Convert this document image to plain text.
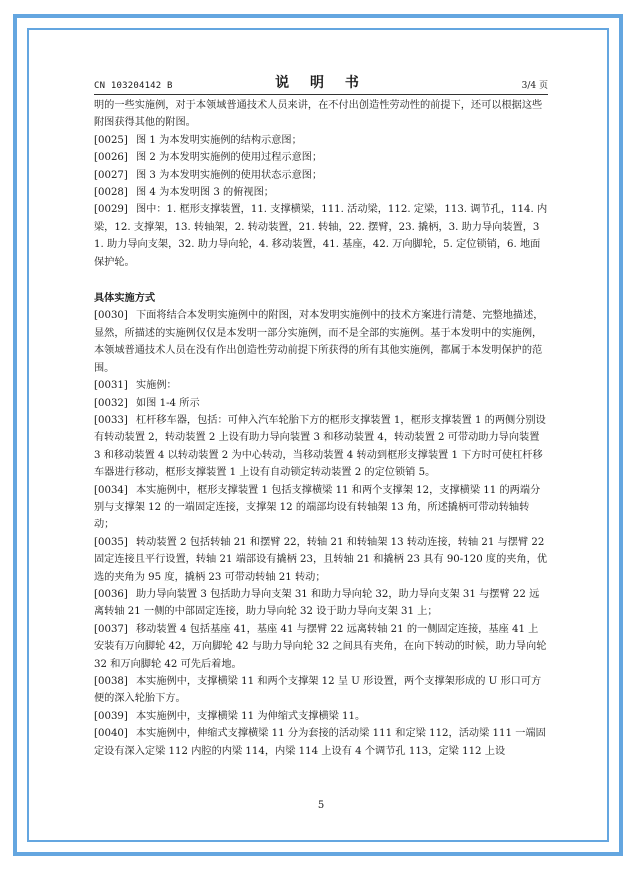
CN 103204142 B	说 明 书	3/4 页

明的一些实施例，对于本领域普通技术人员来讲，在不付出创造性劳动性的前提下，还可以根据这些附图获得其他的附图。

[0025] 图 1 为本发明实施例的结构示意图；

[0026] 图 2 为本发明实施例的使用过程示意图；

[0027] 图 3 为本发明实施例的使用状态示意图；

[0028] 图 4 为本发明图 3 的俯视图；

[0029] 图中：1. 框形支撑装置，11. 支撑横梁，111. 活动梁，112. 定梁，113. 调节孔，114. 内梁，12. 支撑架，13. 转轴架，2. 转动装置，21. 转轴，22. 摆臂，23. 撬柄，3. 助力导向装置，31. 助力导向支架，32. 助力导向轮，4. 移动装置，41. 基座，42. 万向脚轮，5. 定位锁销，6. 地面保护轮。

具体实施方式

[0030] 下面将结合本发明实施例中的附图，对本发明实施例中的技术方案进行清楚、完整地描述，显然，所描述的实施例仅仅是本发明一部分实施例，而不是全部的实施例。基于本发明中的实施例，本领域普通技术人员在没有作出创造性劳动前提下所获得的所有其他实施例，都属于本发明保护的范围。

[0031] 实施例：

[0032] 如图 1-4 所示

[0033] 杠杆移车器，包括：可伸入汽车轮胎下方的框形支撑装置 1，框形支撑装置 1 的两侧分别设有转动装置 2，转动装置 2 上设有助力导向装置 3 和移动装置 4，转动装置 2 可带动助力导向装置 3 和移动装置 4 以转动装置 2 为中心转动，当移动装置 4 转动到框形支撑装置 1 下方时可使杠杆移车器进行移动，框形支撑装置 1 上设有自动锁定转动装置 2 的定位锁销 5。

[0034] 本实施例中，框形支撑装置 1 包括支撑横梁 11 和两个支撑架 12，支撑横梁 11 的两端分别与支撑架 12 的一端固定连接，支撑架 12 的端部均设有转轴架 13 角，所述撬柄可带动转轴转动；

[0035] 转动装置 2 包括转轴 21 和摆臂 22，转轴 21 和转轴架 13 转动连接，转轴 21 与摆臂 22 固定连接且平行设置，转轴 21 端部设有撬柄 23，且转轴 21 和撬柄 23 具有 90-120 度的夹角，优选的夹角为 95 度，撬柄 23 可带动转轴 21 转动；

[0036] 助力导向装置 3 包括助力导向支架 31 和助力导向轮 32，助力导向支架 31 与摆臂 22 远离转轴 21 一侧的中部固定连接，助力导向轮 32 设于助力导向支架 31 上；

[0037] 移动装置 4 包括基座 41，基座 41 与摆臂 22 远离转轴 21 的一侧固定连接，基座 41 上安装有万向脚轮 42，万向脚轮 42 与助力导向轮 32 之间具有夹角，在向下转动的时候，助力导向轮 32 和万向脚轮 42 可先后着地。

[0038] 本实施例中，支撑横梁 11 和两个支撑架 12 呈 U 形设置，两个支撑架形成的 U 形口可方便的深入轮胎下方。

[0039] 本实施例中，支撑横梁 11 为伸缩式支撑横梁 11。

[0040] 本实施例中，伸缩式支撑横梁 11 分为套接的活动梁 111 和定梁 112，活动梁 111 一端固定设有深入定梁 112 内腔的内梁 114，内梁 114 上设有 4 个调节孔 113，定梁 112 上设

5
